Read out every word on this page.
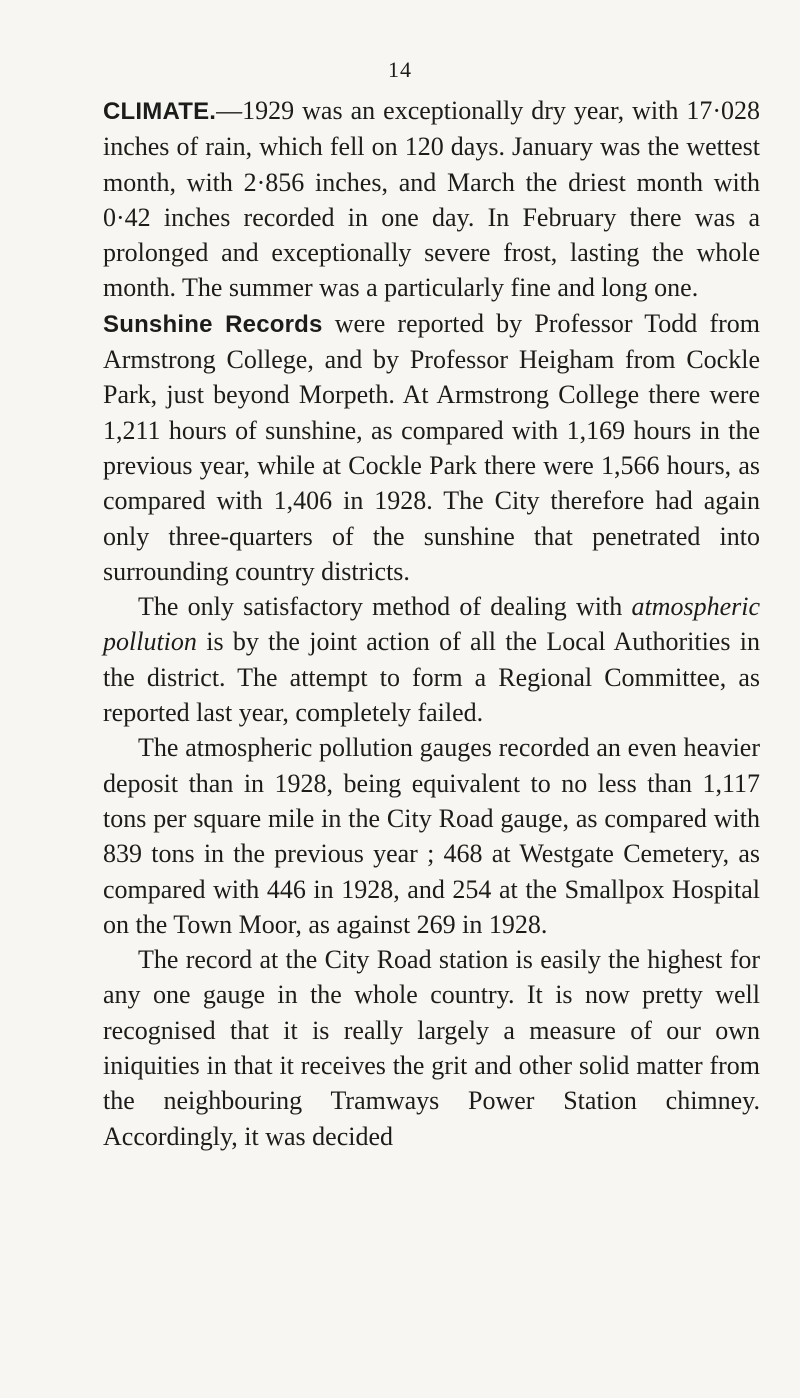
14

CLIMATE.—1929 was an exceptionally dry year, with 17·028 inches of rain, which fell on 120 days. January was the wettest month, with 2·856 inches, and March the driest month with 0·42 inches recorded in one day. In February there was a prolonged and exceptionally severe frost, lasting the whole month. The summer was a particularly fine and long one.

Sunshine Records were reported by Professor Todd from Armstrong College, and by Professor Heigham from Cockle Park, just beyond Morpeth. At Armstrong College there were 1,211 hours of sunshine, as compared with 1,169 hours in the previous year, while at Cockle Park there were 1,566 hours, as compared with 1,406 in 1928. The City therefore had again only three-quarters of the sunshine that penetrated into surrounding country districts.

The only satisfactory method of dealing with atmospheric pollution is by the joint action of all the Local Authorities in the district. The attempt to form a Regional Committee, as reported last year, completely failed.

The atmospheric pollution gauges recorded an even heavier deposit than in 1928, being equivalent to no less than 1,117 tons per square mile in the City Road gauge, as compared with 839 tons in the previous year ; 468 at Westgate Cemetery, as compared with 446 in 1928, and 254 at the Smallpox Hospital on the Town Moor, as against 269 in 1928.

The record at the City Road station is easily the highest for any one gauge in the whole country. It is now pretty well recognised that it is really largely a measure of our own iniquities in that it receives the grit and other solid matter from the neighbouring Tramways Power Station chimney. Accordingly, it was decided
